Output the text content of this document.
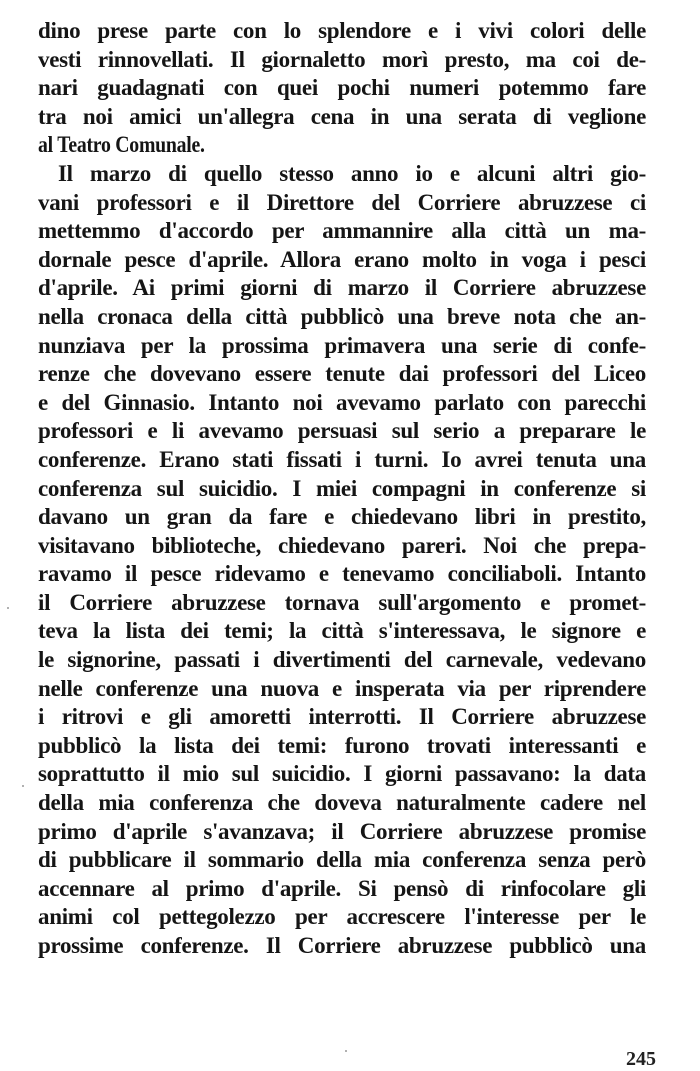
dino prese parte con lo splendore e i vivi colori delle
vesti rinnovellati. Il giornaletto morì presto, ma coi de-
nari guadagnati con quei pochi numeri potemmo fare
tra noi amici un'allegra cena in una serata di veglione
al Teatro Comunale.
Il marzo di quello stesso anno io e alcuni altri gio-
vani professori e il Direttore del Corriere abruzzese ci
mettemmo d'accordo per ammannire alla città un ma-
dornale pesce d'aprile. Allora erano molto in voga i pesci
d'aprile. Ai primi giorni di marzo il Corriere abruzzese
nella cronaca della città pubblicò una breve nota che an-
nunziava per la prossima primavera una serie di confe-
renze che dovevano essere tenute dai professori del Liceo
e del Ginnasio. Intanto noi avevamo parlato con parecchi
professori e li avevamo persuasi sul serio a preparare le
conferenze. Erano stati fissati i turni. Io avrei tenuta una
conferenza sul suicidio. I miei compagni in conferenze si
davano un gran da fare e chiedevano libri in prestito,
visitavano biblioteche, chiedevano pareri. Noi che prepa-
ravamo il pesce ridevamo e tenevamo conciliaboli. Intanto
il Corriere abruzzese tornava sull'argomento e promet-
teva la lista dei temi; la città s'interessava, le signore e
le signorine, passati i divertimenti del carnevale, vedevano
nelle conferenze una nuova e insperata via per riprendere
i ritrovi e gli amoretti interrotti. Il Corriere abruzzese
pubblicò la lista dei temi: furono trovati interessanti e
soprattutto il mio sul suicidio. I giorni passavano: la data
della mia conferenza che doveva naturalmente cadere nel
primo d'aprile s'avanzava; il Corriere abruzzese promise
di pubblicare il sommario della mia conferenza senza però
accennare al primo d'aprile. Si pensò di rinfocolare gli
animi col pettegolezzo per accrescere l'interesse per le
prossime conferenze. Il Corriere abruzzese pubblicò una
245
